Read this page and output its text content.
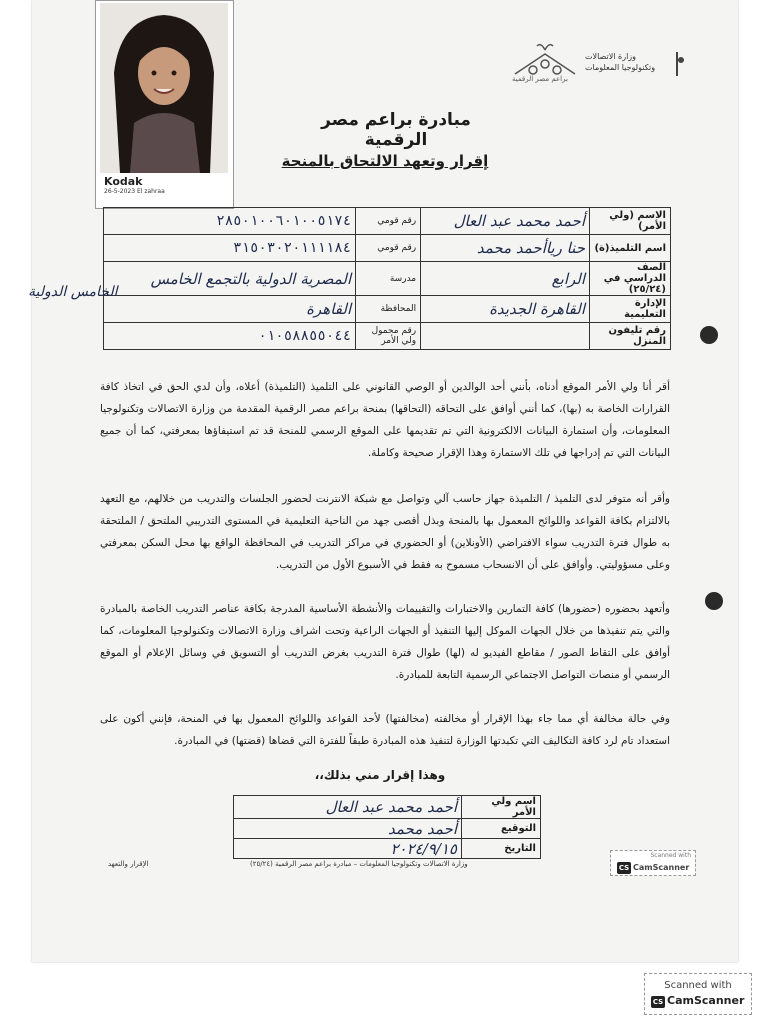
Kodak
26-5-2023 El zahraa
وزارة الاتصالات
وتكنولوجيا المعلومات
براعم مصر الرقمية
مبادرة براعم مصر الرقمية
إقرار وتعهد الالتحاق بالمنحة
الاسم (ولي الأمر)	أحمد محمد عبد العال	رقم قومي	٢٨٥٠١٠٠٦٠١٠٠٥١٧٤
اسم التلميذ(ة)	حنا رياأحمد محمد	رقم قومي	٣١٥٠٣٠٢٠١١١١٨٤
الصف الدراسي في (٢٥/٢٤)	الرابع	مدرسة	المصرية الدولية بالتجمع الخامس
الإدارة التعليمية	القاهرة الجديدة	المحافظة	القاهرة
رقم تليفون المنزل		رقم محمول ولي الأمر	٠١٠٥٨٨٥٥٠٤٤
الخامس الدولية
أقر أنا ولي الأمر الموقع أدناه، بأنني أحد الوالدين أو الوصي القانوني على التلميذ (التلميذة) أعلاه، وأن لدي الحق في اتخاذ كافة القرارات الخاصة به (بها)، كما أنني أوافق على التحاقه (التحاقها) بمنحة براعم مصر الرقمية المقدمة من وزارة الاتصالات وتكنولوجيا المعلومات، وأن استمارة البيانات الالكترونية التي تم تقديمها على الموقع الرسمي للمنحة قد تم استيفاؤها بمعرفتي، كما أن جميع البيانات التي تم إدراجها في تلك الاستمارة وهذا الإقرار صحيحة وكاملة.
وأقر أنه متوفر لدى التلميذ / التلميذة جهاز حاسب آلي وتواصل مع شبكة الانترنت لحضور الجلسات والتدريب من خلالهم، مع التعهد بالالتزام بكافة القواعد واللوائح المعمول بها بالمنحة وبذل أقصى جهد من الناحية التعليمية في المستوى التدريبي الملتحق / الملتحقة به طوال فترة التدريب سواء الافتراضي (الأونلاين) أو الحضوري في مراكز التدريب في المحافظة الواقع بها محل السكن بمعرفتي وعلى مسؤوليتي. وأوافق على أن الانسحاب مسموح به فقط في الأسبوع الأول من التدريب.
وأتعهد بحضوره (حضورها) كافة التمارين والاختبارات والتقييمات والأنشطة الأساسية المدرجة بكافة عناصر التدريب الخاصة بالمبادرة والتي يتم تنفيذها من خلال الجهات الموكل إليها التنفيذ أو الجهات الراعية وتحت اشراف وزارة الاتصالات وتكنولوجيا المعلومات، كما أوافق على التقاط الصور / مقاطع الفيديو له (لها) طوال فترة التدريب بغرض التدريب أو التسويق في وسائل الإعلام أو الموقع الرسمي أو منصات التواصل الاجتماعي الرسمية التابعة للمبادرة.
وفي حالة مخالفة أي مما جاء بهذا الإقرار أو مخالفته (مخالفتها) لأحد القواعد واللوائح المعمول بها في المنحة، فإنني أكون على استعداد تام لرد كافة التكاليف التي تكبدتها الوزارة لتنفيذ هذه المبادرة طبقاً للفترة التي قضاها (قضتها) في المبادرة.
وهذا إقرار مني بذلك،،
اسم ولي الأمر	أحمد محمد عبد العال
التوقيع	أحمد محمد
التاريخ	٢٠٢٤/٩/١٥
الإقرار والتعهد	وزارة الاتصالات وتكنولوجيا المعلومات – مبادرة براعم مصر الرقمية (٢٥/٢٤)
Scanned with
CS CamScanner
Scanned with
CS CamScanner
